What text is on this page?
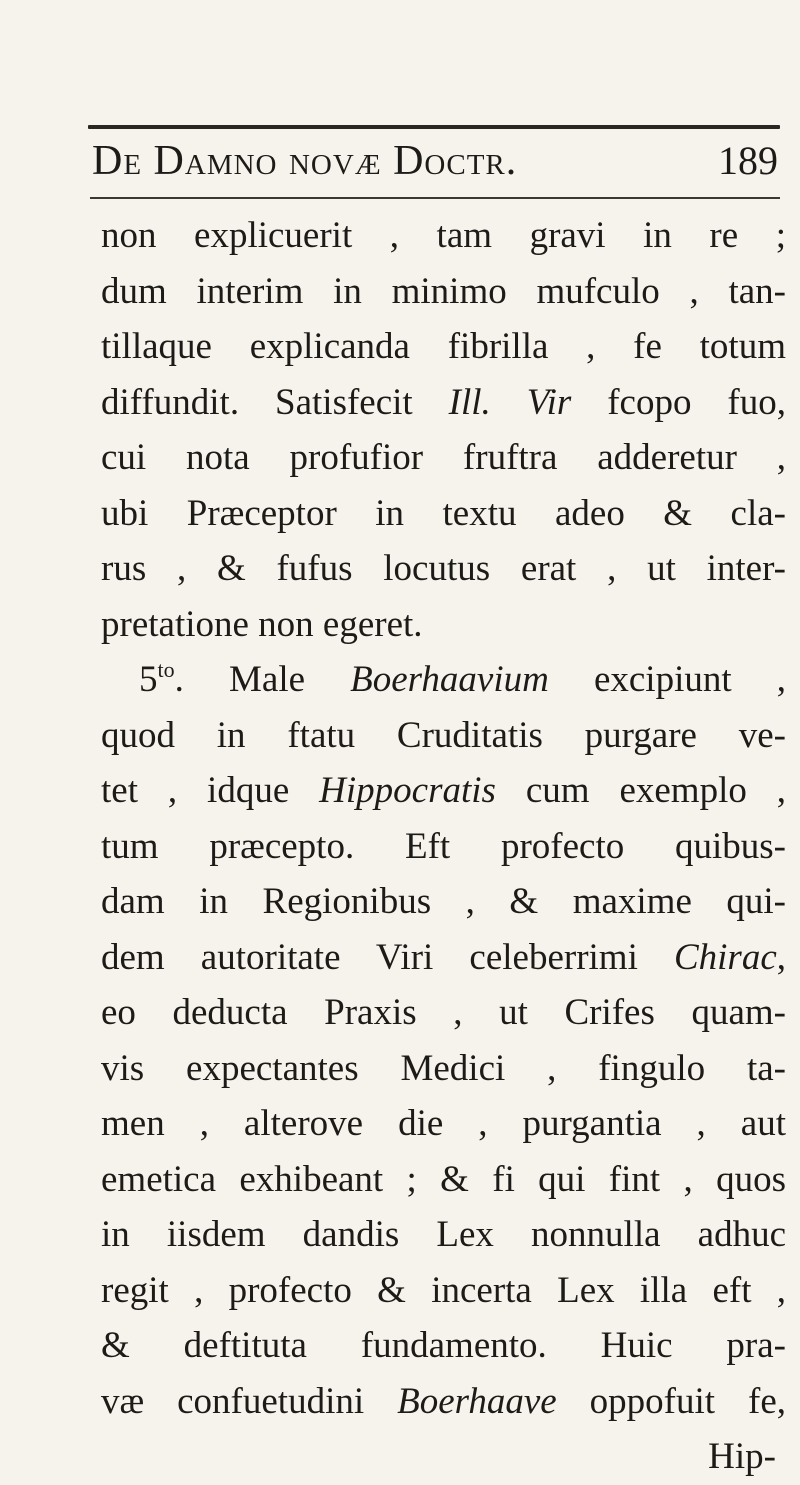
De Damno novæ Doctr.	189
non explicuerit , tam gravi in re ;
dum interim in minimo mufculo , tan-
tillaque explicanda fibrilla , fe totum
diffundit. Satisfecit Ill. Vir fcopo fuo,
cui nota profufior fruftra adderetur ,
ubi Præceptor in textu adeo & cla-
rus , & fufus locutus erat , ut inter-
pretatione non egeret.
$5^{to}$. Male Boerhaavium excipiunt ,
quod in ftatu Cruditatis purgare ve-
tet , idque Hippocratis cum exemplo ,
tum præcepto. Eft profecto quibus-
dam in Regionibus , & maxime qui-
dem autoritate Viri celeberrimi Chirac,
eo deducta Praxis , ut Crifes quam-
vis expectantes Medici , fingulo ta-
men , alterove die , purgantia , aut
emetica exhibeant ; & fi qui fint , quos
in iisdem dandis Lex nonnulla adhuc
regit , profecto & incerta Lex illa eft ,
& deftituta fundamento. Huic pra-
væ confuetudini Boerhaave oppofuit fe,
Hip-
